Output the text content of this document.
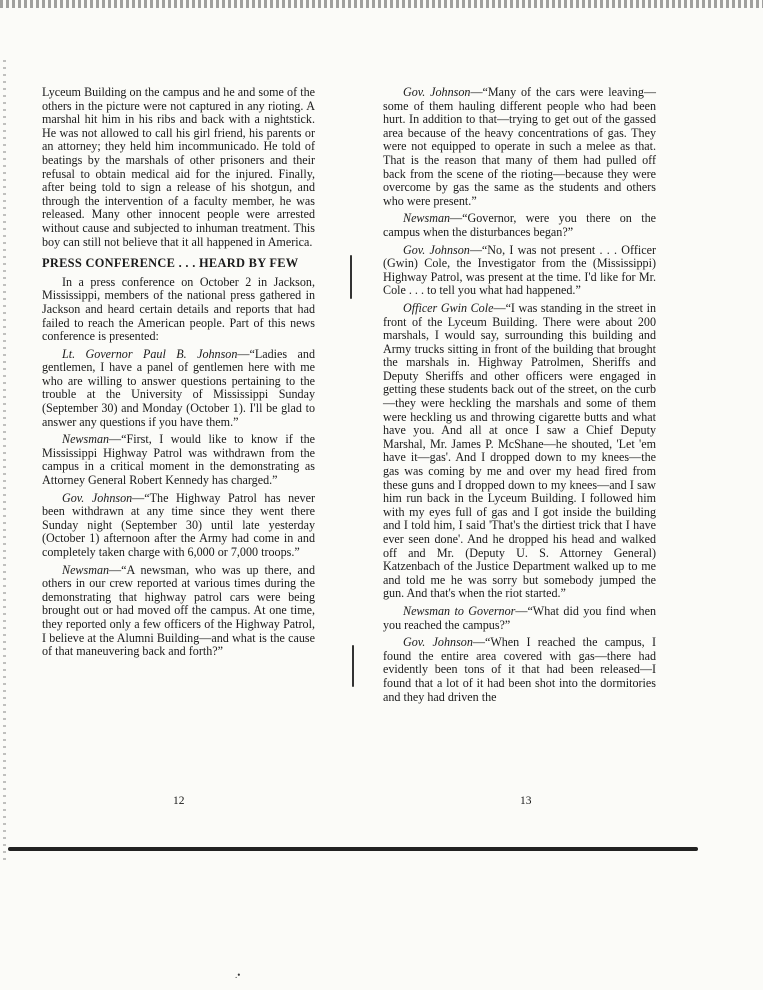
Lyceum Building on the campus and he and some of the others in the picture were not captured in any rioting. A marshal hit him in his ribs and back with a nightstick. He was not allowed to call his girl friend, his parents or an attorney; they held him incommunicado. He told of beatings by the marshals of other prisoners and their refusal to obtain medical aid for the injured. Finally, after being told to sign a release of his shotgun, and through the intervention of a faculty member, he was released. Many other innocent people were arrested without cause and subjected to inhuman treatment. This boy can still not believe that it all happened in America.

PRESS CONFERENCE . . . HEARD BY FEW

In a press conference on October 2 in Jackson, Mississippi, members of the national press gathered in Jackson and heard certain details and reports that had failed to reach the American people. Part of this news conference is presented:

Lt. Governor Paul B. Johnson—“Ladies and gentlemen, I have a panel of gentlemen here with me who are willing to answer questions pertaining to the trouble at the University of Mississippi Sunday (September 30) and Monday (October 1). I'll be glad to answer any questions if you have them.”

Newsman—“First, I would like to know if the Mississippi Highway Patrol was withdrawn from the campus in a critical moment in the demonstrating as Attorney General Robert Kennedy has charged.”

Gov. Johnson—“The Highway Patrol has never been withdrawn at any time since they went there Sunday night (September 30) until late yesterday (October 1) afternoon after the Army had come in and completely taken charge with 6,000 or 7,000 troops.”

Newsman—“A newsman, who was up there, and others in our crew reported at various times during the demonstrating that highway patrol cars were being brought out or had moved off the campus. At one time, they reported only a few officers of the Highway Patrol, I believe at the Alumni Building—and what is the cause of that maneuvering back and forth?”

Gov. Johnson—“Many of the cars were leaving—some of them hauling different people who had been hurt. In addition to that—trying to get out of the gassed area because of the heavy concentrations of gas. They were not equipped to operate in such a melee as that. That is the reason that many of them had pulled off back from the scene of the rioting—because they were overcome by gas the same as the students and others who were present.”

Newsman—“Governor, were you there on the campus when the disturbances began?”

Gov. Johnson—“No, I was not present . . . Officer (Gwin) Cole, the Investigator from the (Mississippi) Highway Patrol, was present at the time. I'd like for Mr. Cole . . . to tell you what had happened.”

Officer Gwin Cole—“I was standing in the street in front of the Lyceum Building. There were about 200 marshals, I would say, surrounding this building and Army trucks sitting in front of the building that brought the marshals in. Highway Patrolmen, Sheriffs and Deputy Sheriffs and other officers were engaged in getting these students back out of the street, on the curb—they were heckling the marshals and some of them were heckling us and throwing cigarette butts and what have you. And all at once I saw a Chief Deputy Marshal, Mr. James P. McShane—he shouted, 'Let 'em have it—gas'. And I dropped down to my knees—the gas was coming by me and over my head fired from these guns and I dropped down to my knees—and I saw him run back in the Lyceum Building. I followed him with my eyes full of gas and I got inside the building and I told him, I said 'That's the dirtiest trick that I have ever seen done'. And he dropped his head and walked off and Mr. (Deputy U. S. Attorney General) Katzenbach of the Justice Department walked up to me and told me he was sorry but somebody jumped the gun. And that's when the riot started.”

Newsman to Governor—“What did you find when you reached the campus?”

Gov. Johnson—“When I reached the campus, I found the entire area covered with gas—there had evidently been tons of it that had been released—I found that a lot of it had been shot into the dormitories and they had driven the

12	13
.•
